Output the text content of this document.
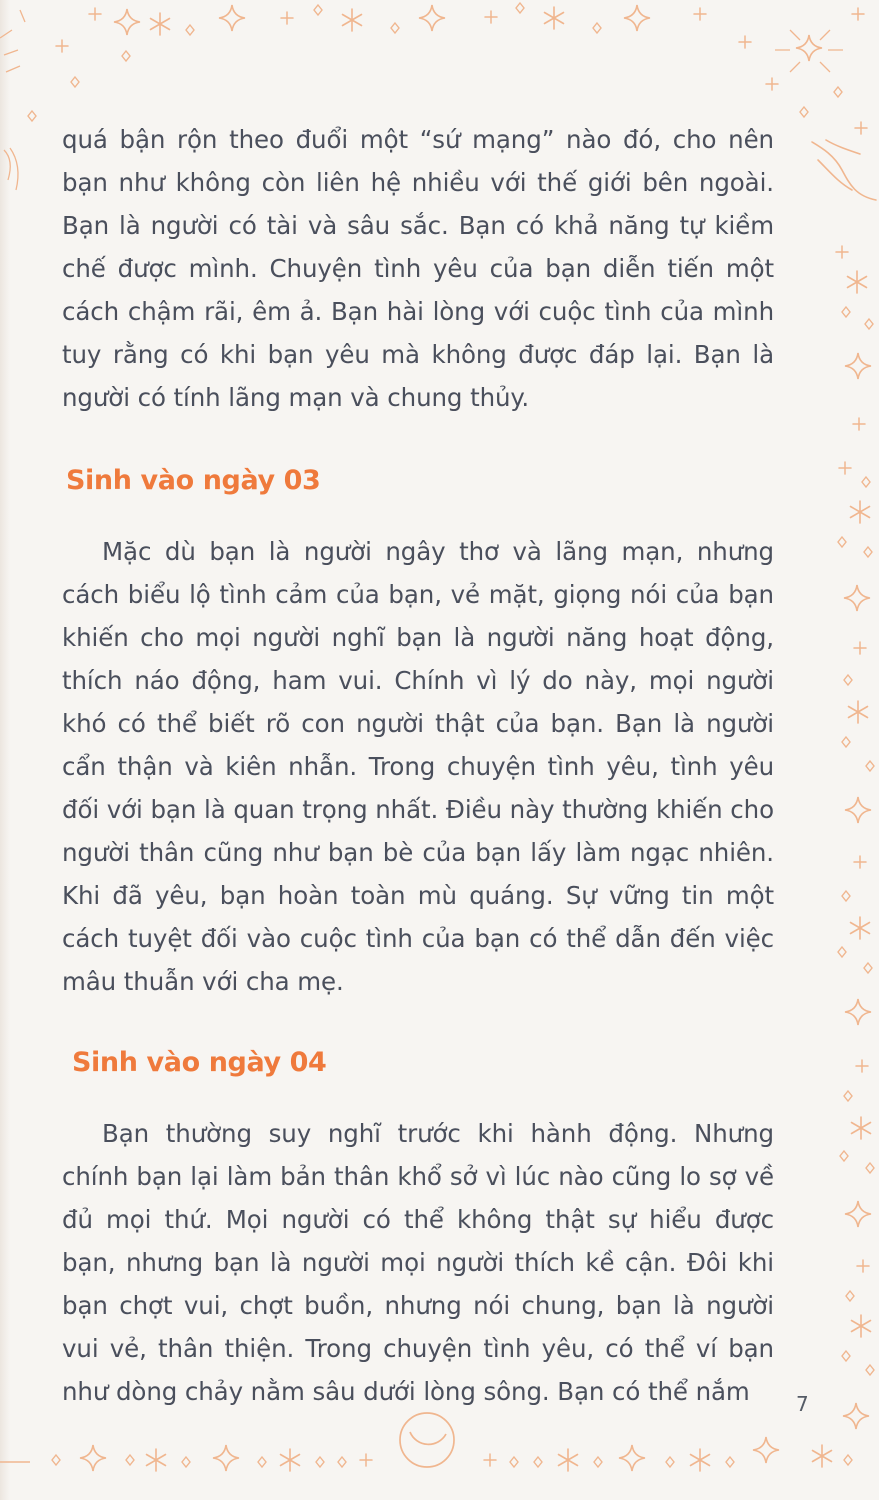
quá bận rộn theo đuổi một “sứ mạng” nào đó, cho nên bạn như không còn liên hệ nhiều với thế giới bên ngoài. Bạn là người có tài và sâu sắc. Bạn có khả năng tự kiềm chế được mình. Chuyện tình yêu của bạn diễn tiến một cách chậm rãi, êm ả. Bạn hài lòng với cuộc tình của mình tuy rằng có khi bạn yêu mà không được đáp lại. Bạn là người có tính lãng mạn và chung thủy.

Sinh vào ngày 03

Mặc dù bạn là người ngây thơ và lãng mạn, nhưng cách biểu lộ tình cảm của bạn, vẻ mặt, giọng nói của bạn khiến cho mọi người nghĩ bạn là người năng hoạt động, thích náo động, ham vui. Chính vì lý do này, mọi người khó có thể biết rõ con người thật của bạn. Bạn là người cẩn thận và kiên nhẫn. Trong chuyện tình yêu, tình yêu đối với bạn là quan trọng nhất. Điều này thường khiến cho người thân cũng như bạn bè của bạn lấy làm ngạc nhiên. Khi đã yêu, bạn hoàn toàn mù quáng. Sự vững tin một cách tuyệt đối vào cuộc tình của bạn có thể dẫn đến việc mâu thuẫn với cha mẹ.

Sinh vào ngày 04

Bạn thường suy nghĩ trước khi hành động. Nhưng chính bạn lại làm bản thân khổ sở vì lúc nào cũng lo sợ về đủ mọi thứ. Mọi người có thể không thật sự hiểu được bạn, nhưng bạn là người mọi người thích kề cận. Đôi khi bạn chợt vui, chợt buồn, nhưng nói chung, bạn là người vui vẻ, thân thiện. Trong chuyện tình yêu, có thể ví bạn như dòng chảy nằm sâu dưới lòng sông. Bạn có thể nắm	7
